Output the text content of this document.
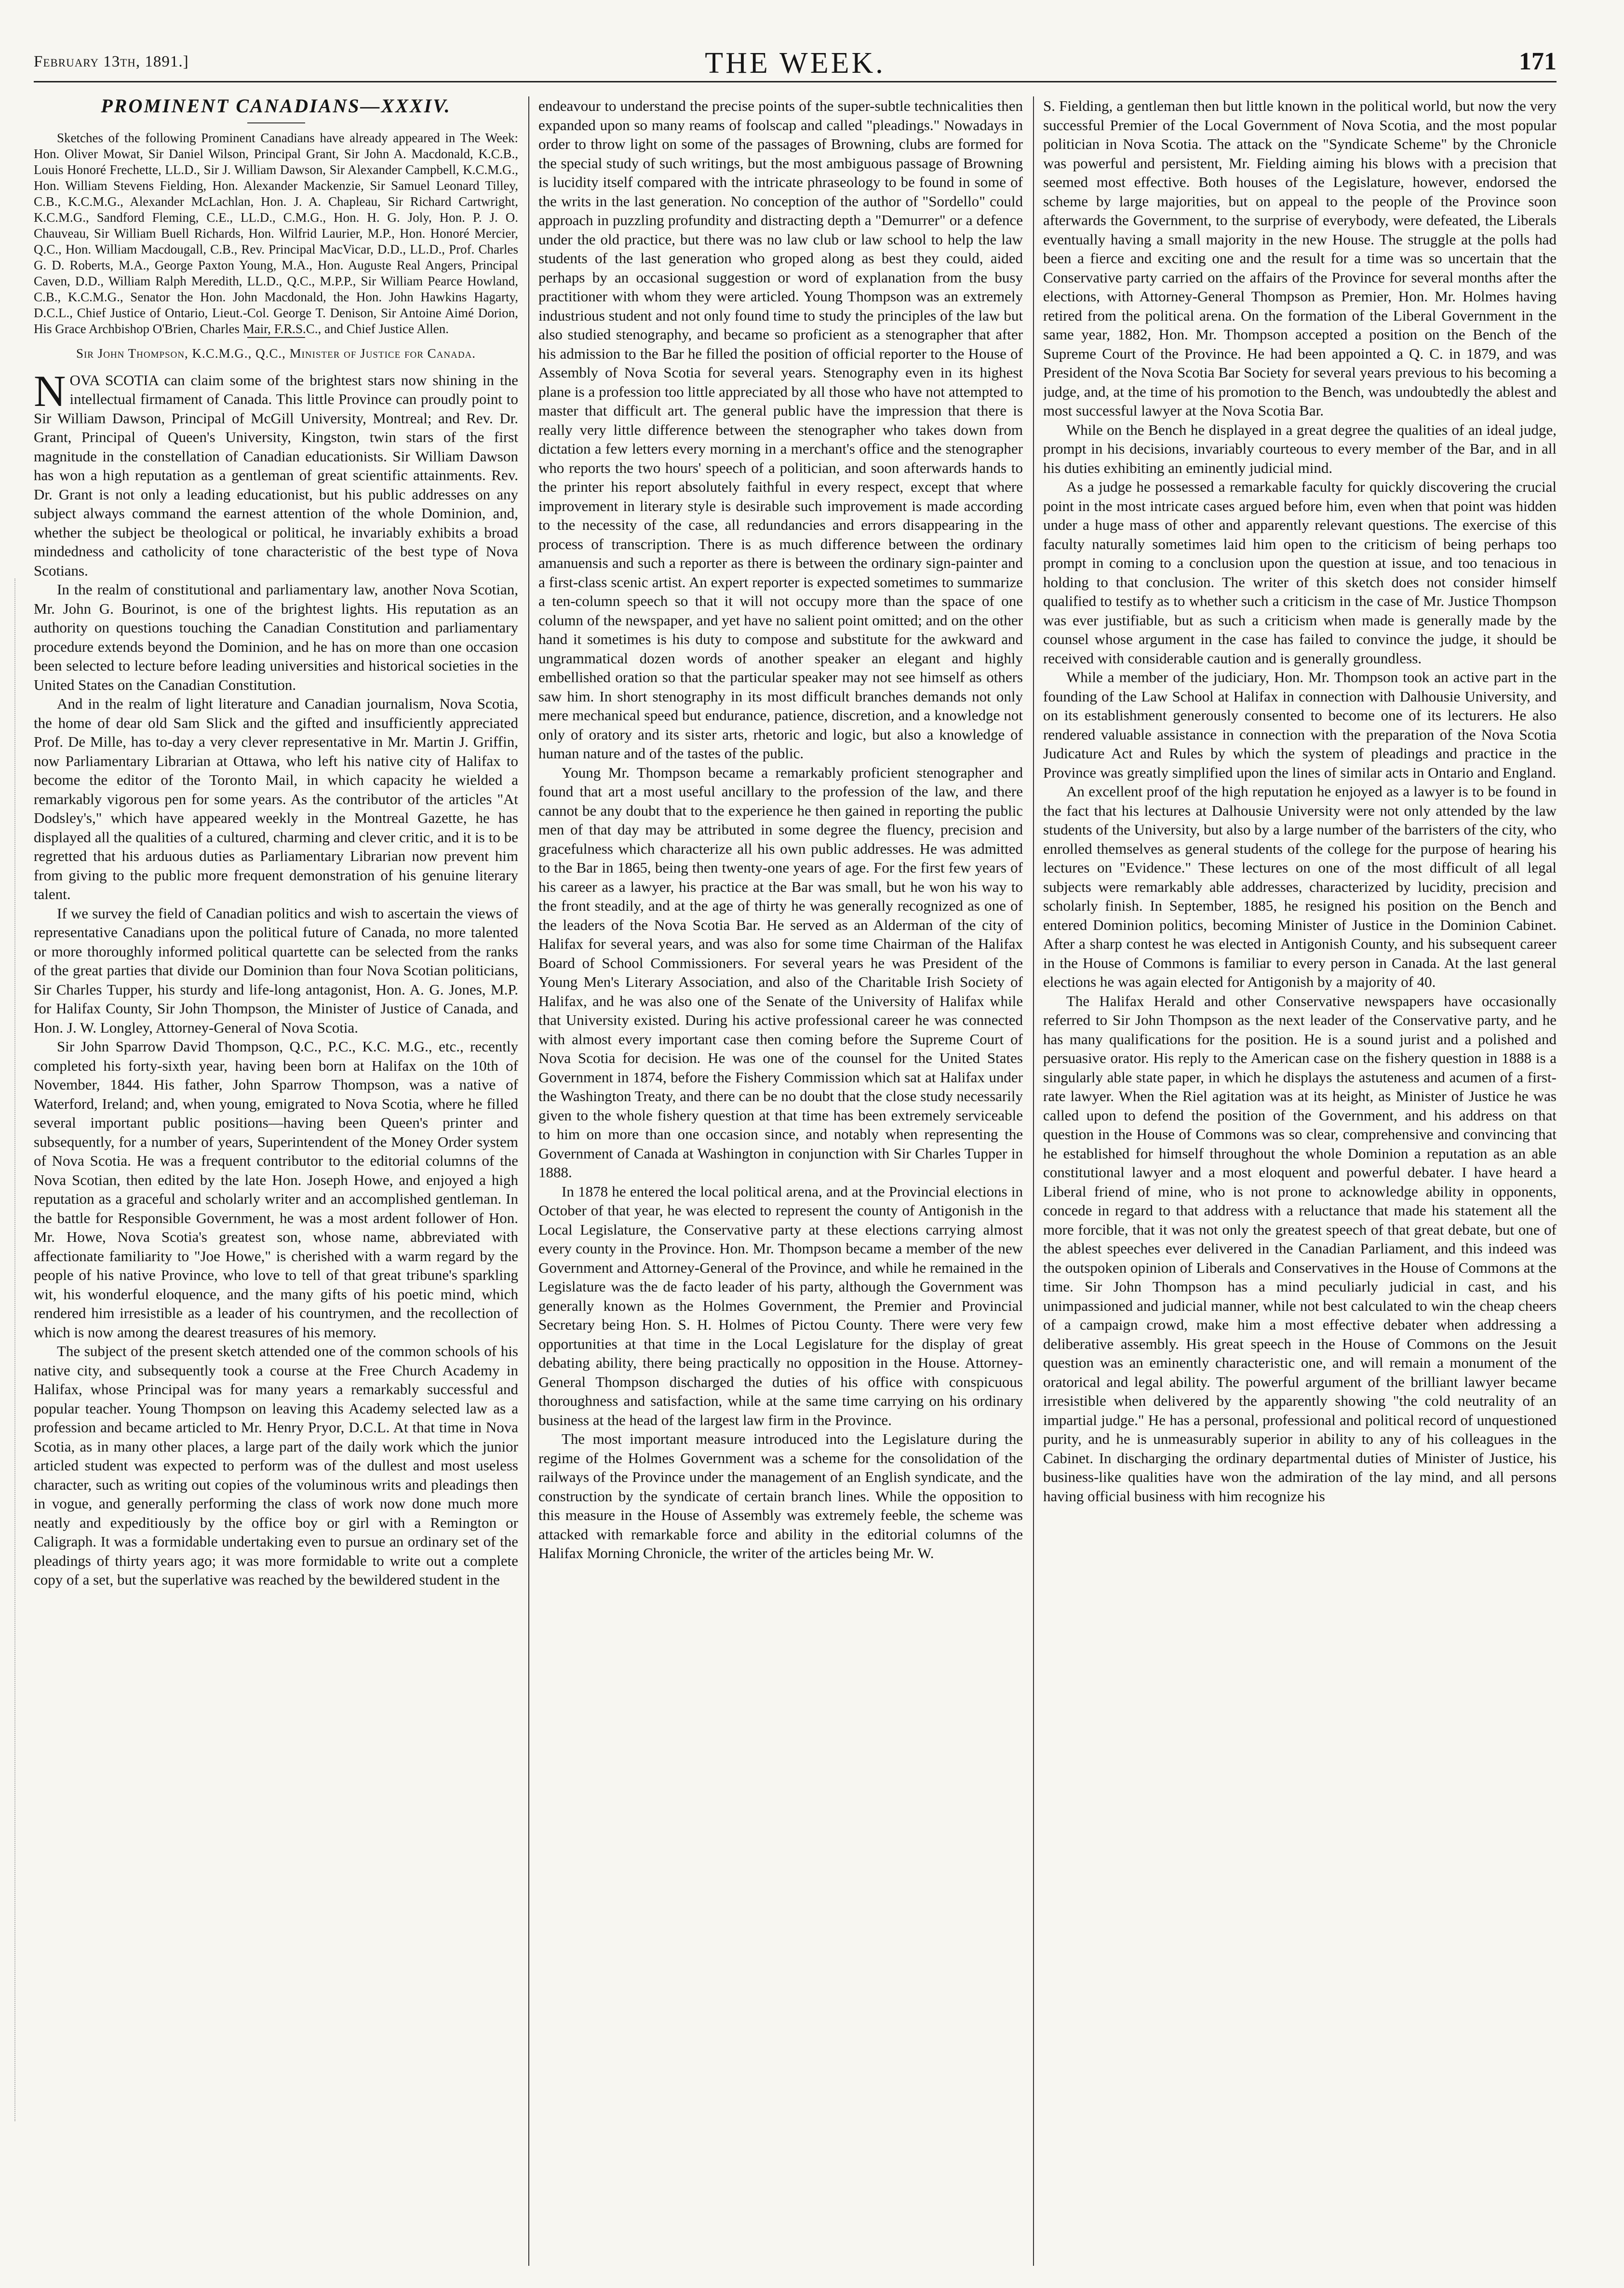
February 13th, 1891.]	THE WEEK.	171
PROMINENT CANADIANS—XXXIV.

Sketches of the following Prominent Canadians have already appeared in The Week: Hon. Oliver Mowat, Sir Daniel Wilson, Principal Grant, Sir John A. Macdonald, K.C.B., Louis Honoré Frechette, LL.D., Sir J. William Dawson, Sir Alexander Campbell, K.C.M.G., Hon. William Stevens Fielding, Hon. Alexander Mackenzie, Sir Samuel Leonard Tilley, C.B., K.C.M.G., Alexander McLachlan, Hon. J. A. Chapleau, Sir Richard Cartwright, K.C.M.G., Sandford Fleming, C.E., LL.D., C.M.G., Hon. H. G. Joly, Hon. P. J. O. Chauveau, Sir William Buell Richards, Hon. Wilfrid Laurier, M.P., Hon. Honoré Mercier, Q.C., Hon. William Macdougall, C.B., Rev. Principal MacVicar, D.D., LL.D., Prof. Charles G. D. Roberts, M.A., George Paxton Young, M.A., Hon. Auguste Real Angers, Principal Caven, D.D., William Ralph Meredith, LL.D., Q.C., M.P.P., Sir William Pearce Howland, C.B., K.C.M.G., Senator the Hon. John Macdonald, the Hon. John Hawkins Hagarty, D.C.L., Chief Justice of Ontario, Lieut.-Col. George T. Denison, Sir Antoine Aimé Dorion, His Grace Archbishop O'Brien, Charles Mair, F.R.S.C., and Chief Justice Allen.

Sir John Thompson, K.C.M.G., Q.C., Minister of Justice for Canada.

NOVA SCOTIA can claim some of the brightest stars now shining in the intellectual firmament of Canada. This little Province can proudly point to Sir William Dawson, Principal of McGill University, Montreal; and Rev. Dr. Grant, Principal of Queen's University, Kingston, twin stars of the first magnitude in the constellation of Canadian educationists. Sir William Dawson has won a high reputation as a gentleman of great scientific attainments. Rev. Dr. Grant is not only a leading educationist, but his public addresses on any subject always command the earnest attention of the whole Dominion, and, whether the subject be theological or political, he invariably exhibits a broad mindedness and catholicity of tone characteristic of the best type of Nova Scotians.

In the realm of constitutional and parliamentary law, another Nova Scotian, Mr. John G. Bourinot, is one of the brightest lights. His reputation as an authority on questions touching the Canadian Constitution and parliamentary procedure extends beyond the Dominion, and he has on more than one occasion been selected to lecture before leading universities and historical societies in the United States on the Canadian Constitution.

And in the realm of light literature and Canadian journalism, Nova Scotia, the home of dear old Sam Slick and the gifted and insufficiently appreciated Prof. De Mille, has to-day a very clever representative in Mr. Martin J. Griffin, now Parliamentary Librarian at Ottawa, who left his native city of Halifax to become the editor of the Toronto Mail, in which capacity he wielded a remarkably vigorous pen for some years. As the contributor of the articles "At Dodsley's," which have appeared weekly in the Montreal Gazette, he has displayed all the qualities of a cultured, charming and clever critic, and it is to be regretted that his arduous duties as Parliamentary Librarian now prevent him from giving to the public more frequent demonstration of his genuine literary talent.

If we survey the field of Canadian politics and wish to ascertain the views of representative Canadians upon the political future of Canada, no more talented or more thoroughly informed political quartette can be selected from the ranks of the great parties that divide our Dominion than four Nova Scotian politicians, Sir Charles Tupper, his sturdy and life-long antagonist, Hon. A. G. Jones, M.P. for Halifax County, Sir John Thompson, the Minister of Justice of Canada, and Hon. J. W. Longley, Attorney-General of Nova Scotia.

Sir John Sparrow David Thompson, Q.C., P.C., K.C. M.G., etc., recently completed his forty-sixth year, having been born at Halifax on the 10th of November, 1844. His father, John Sparrow Thompson, was a native of Waterford, Ireland; and, when young, emigrated to Nova Scotia, where he filled several important public positions—having been Queen's printer and subsequently, for a number of years, Superintendent of the Money Order system of Nova Scotia. He was a frequent contributor to the editorial columns of the Nova Scotian, then edited by the late Hon. Joseph Howe, and enjoyed a high reputation as a graceful and scholarly writer and an accomplished gentleman. In the battle for Responsible Government, he was a most ardent follower of Hon. Mr. Howe, Nova Scotia's greatest son, whose name, abbreviated with affectionate familiarity to "Joe Howe," is cherished with a warm regard by the people of his native Province, who love to tell of that great tribune's sparkling wit, his wonderful eloquence, and the many gifts of his poetic mind, which rendered him irresistible as a leader of his countrymen, and the recollection of which is now among the dearest treasures of his memory.

The subject of the present sketch attended one of the common schools of his native city, and subsequently took a course at the Free Church Academy in Halifax, whose Principal was for many years a remarkably successful and popular teacher. Young Thompson on leaving this Academy selected law as a profession and became articled to Mr. Henry Pryor, D.C.L. At that time in Nova Scotia, as in many other places, a large part of the daily work which the junior articled student was expected to perform was of the dullest and most useless character, such as writing out copies of the voluminous writs and pleadings then in vogue, and generally performing the class of work now done much more neatly and expeditiously by the office boy or girl with a Remington or Caligraph. It was a formidable undertaking even to pursue an ordinary set of the pleadings of thirty years ago; it was more formidable to write out a complete copy of a set, but the superlative was reached by the bewildered student in the

endeavour to understand the precise points of the super-subtle technicalities then expanded upon so many reams of foolscap and called "pleadings." Nowadays in order to throw light on some of the passages of Browning, clubs are formed for the special study of such writings, but the most ambiguous passage of Browning is lucidity itself compared with the intricate phraseology to be found in some of the writs in the last generation. No conception of the author of "Sordello" could approach in puzzling profundity and distracting depth a "Demurrer" or a defence under the old practice, but there was no law club or law school to help the law students of the last generation who groped along as best they could, aided perhaps by an occasional suggestion or word of explanation from the busy practitioner with whom they were articled. Young Thompson was an extremely industrious student and not only found time to study the principles of the law but also studied stenography, and became so proficient as a stenographer that after his admission to the Bar he filled the position of official reporter to the House of Assembly of Nova Scotia for several years. Stenography even in its highest plane is a profession too little appreciated by all those who have not attempted to master that difficult art. The general public have the impression that there is really very little difference between the stenographer who takes down from dictation a few letters every morning in a merchant's office and the stenographer who reports the two hours' speech of a politician, and soon afterwards hands to the printer his report absolutely faithful in every respect, except that where improvement in literary style is desirable such improvement is made according to the necessity of the case, all redundancies and errors disappearing in the process of transcription. There is as much difference between the ordinary amanuensis and such a reporter as there is between the ordinary sign-painter and a first-class scenic artist. An expert reporter is expected sometimes to summarize a ten-column speech so that it will not occupy more than the space of one column of the newspaper, and yet have no salient point omitted; and on the other hand it sometimes is his duty to compose and substitute for the awkward and ungrammatical dozen words of another speaker an elegant and highly embellished oration so that the particular speaker may not see himself as others saw him. In short stenography in its most difficult branches demands not only mere mechanical speed but endurance, patience, discretion, and a knowledge not only of oratory and its sister arts, rhetoric and logic, but also a knowledge of human nature and of the tastes of the public.

Young Mr. Thompson became a remarkably proficient stenographer and found that art a most useful ancillary to the profession of the law, and there cannot be any doubt that to the experience he then gained in reporting the public men of that day may be attributed in some degree the fluency, precision and gracefulness which characterize all his own public addresses. He was admitted to the Bar in 1865, being then twenty-one years of age. For the first few years of his career as a lawyer, his practice at the Bar was small, but he won his way to the front steadily, and at the age of thirty he was generally recognized as one of the leaders of the Nova Scotia Bar. He served as an Alderman of the city of Halifax for several years, and was also for some time Chairman of the Halifax Board of School Commissioners. For several years he was President of the Young Men's Literary Association, and also of the Charitable Irish Society of Halifax, and he was also one of the Senate of the University of Halifax while that University existed. During his active professional career he was connected with almost every important case then coming before the Supreme Court of Nova Scotia for decision. He was one of the counsel for the United States Government in 1874, before the Fishery Commission which sat at Halifax under the Washington Treaty, and there can be no doubt that the close study necessarily given to the whole fishery question at that time has been extremely serviceable to him on more than one occasion since, and notably when representing the Government of Canada at Washington in conjunction with Sir Charles Tupper in 1888.

In 1878 he entered the local political arena, and at the Provincial elections in October of that year, he was elected to represent the county of Antigonish in the Local Legislature, the Conservative party at these elections carrying almost every county in the Province. Hon. Mr. Thompson became a member of the new Government and Attorney-General of the Province, and while he remained in the Legislature was the de facto leader of his party, although the Government was generally known as the Holmes Government, the Premier and Provincial Secretary being Hon. S. H. Holmes of Pictou County. There were very few opportunities at that time in the Local Legislature for the display of great debating ability, there being practically no opposition in the House. Attorney-General Thompson discharged the duties of his office with conspicuous thoroughness and satisfaction, while at the same time carrying on his ordinary business at the head of the largest law firm in the Province.

The most important measure introduced into the Legislature during the regime of the Holmes Government was a scheme for the consolidation of the railways of the Province under the management of an English syndicate, and the construction by the syndicate of certain branch lines. While the opposition to this measure in the House of Assembly was extremely feeble, the scheme was attacked with remarkable force and ability in the editorial columns of the Halifax Morning Chronicle, the writer of the articles being Mr. W.

S. Fielding, a gentleman then but little known in the political world, but now the very successful Premier of the Local Government of Nova Scotia, and the most popular politician in Nova Scotia. The attack on the "Syndicate Scheme" by the Chronicle was powerful and persistent, Mr. Fielding aiming his blows with a precision that seemed most effective. Both houses of the Legislature, however, endorsed the scheme by large majorities, but on appeal to the people of the Province soon afterwards the Government, to the surprise of everybody, were defeated, the Liberals eventually having a small majority in the new House. The struggle at the polls had been a fierce and exciting one and the result for a time was so uncertain that the Conservative party carried on the affairs of the Province for several months after the elections, with Attorney-General Thompson as Premier, Hon. Mr. Holmes having retired from the political arena. On the formation of the Liberal Government in the same year, 1882, Hon. Mr. Thompson accepted a position on the Bench of the Supreme Court of the Province. He had been appointed a Q. C. in 1879, and was President of the Nova Scotia Bar Society for several years previous to his becoming a judge, and, at the time of his promotion to the Bench, was undoubtedly the ablest and most successful lawyer at the Nova Scotia Bar.

While on the Bench he displayed in a great degree the qualities of an ideal judge, prompt in his decisions, invariably courteous to every member of the Bar, and in all his duties exhibiting an eminently judicial mind.

As a judge he possessed a remarkable faculty for quickly discovering the crucial point in the most intricate cases argued before him, even when that point was hidden under a huge mass of other and apparently relevant questions. The exercise of this faculty naturally sometimes laid him open to the criticism of being perhaps too prompt in coming to a conclusion upon the question at issue, and too tenacious in holding to that conclusion. The writer of this sketch does not consider himself qualified to testify as to whether such a criticism in the case of Mr. Justice Thompson was ever justifiable, but as such a criticism when made is generally made by the counsel whose argument in the case has failed to convince the judge, it should be received with considerable caution and is generally groundless.

While a member of the judiciary, Hon. Mr. Thompson took an active part in the founding of the Law School at Halifax in connection with Dalhousie University, and on its establishment generously consented to become one of its lecturers. He also rendered valuable assistance in connection with the preparation of the Nova Scotia Judicature Act and Rules by which the system of pleadings and practice in the Province was greatly simplified upon the lines of similar acts in Ontario and England.

An excellent proof of the high reputation he enjoyed as a lawyer is to be found in the fact that his lectures at Dalhousie University were not only attended by the law students of the University, but also by a large number of the barristers of the city, who enrolled themselves as general students of the college for the purpose of hearing his lectures on "Evidence." These lectures on one of the most difficult of all legal subjects were remarkably able addresses, characterized by lucidity, precision and scholarly finish. In September, 1885, he resigned his position on the Bench and entered Dominion politics, becoming Minister of Justice in the Dominion Cabinet. After a sharp contest he was elected in Antigonish County, and his subsequent career in the House of Commons is familiar to every person in Canada. At the last general elections he was again elected for Antigonish by a majority of 40.

The Halifax Herald and other Conservative newspapers have occasionally referred to Sir John Thompson as the next leader of the Conservative party, and he has many qualifications for the position. He is a sound jurist and a polished and persuasive orator. His reply to the American case on the fishery question in 1888 is a singularly able state paper, in which he displays the astuteness and acumen of a first-rate lawyer. When the Riel agitation was at its height, as Minister of Justice he was called upon to defend the position of the Government, and his address on that question in the House of Commons was so clear, comprehensive and convincing that he established for himself throughout the whole Dominion a reputation as an able constitutional lawyer and a most eloquent and powerful debater. I have heard a Liberal friend of mine, who is not prone to acknowledge ability in opponents, concede in regard to that address with a reluctance that made his statement all the more forcible, that it was not only the greatest speech of that great debate, but one of the ablest speeches ever delivered in the Canadian Parliament, and this indeed was the outspoken opinion of Liberals and Conservatives in the House of Commons at the time. Sir John Thompson has a mind peculiarly judicial in cast, and his unimpassioned and judicial manner, while not best calculated to win the cheap cheers of a campaign crowd, make him a most effective debater when addressing a deliberative assembly. His great speech in the House of Commons on the Jesuit question was an eminently characteristic one, and will remain a monument of the oratorical and legal ability. The powerful argument of the brilliant lawyer became irresistible when delivered by the apparently showing "the cold neutrality of an impartial judge." He has a personal, professional and political record of unquestioned purity, and he is unmeasurably superior in ability to any of his colleagues in the Cabinet. In discharging the ordinary departmental duties of Minister of Justice, his business-like qualities have won the admiration of the lay mind, and all persons having official business with him recognize his
